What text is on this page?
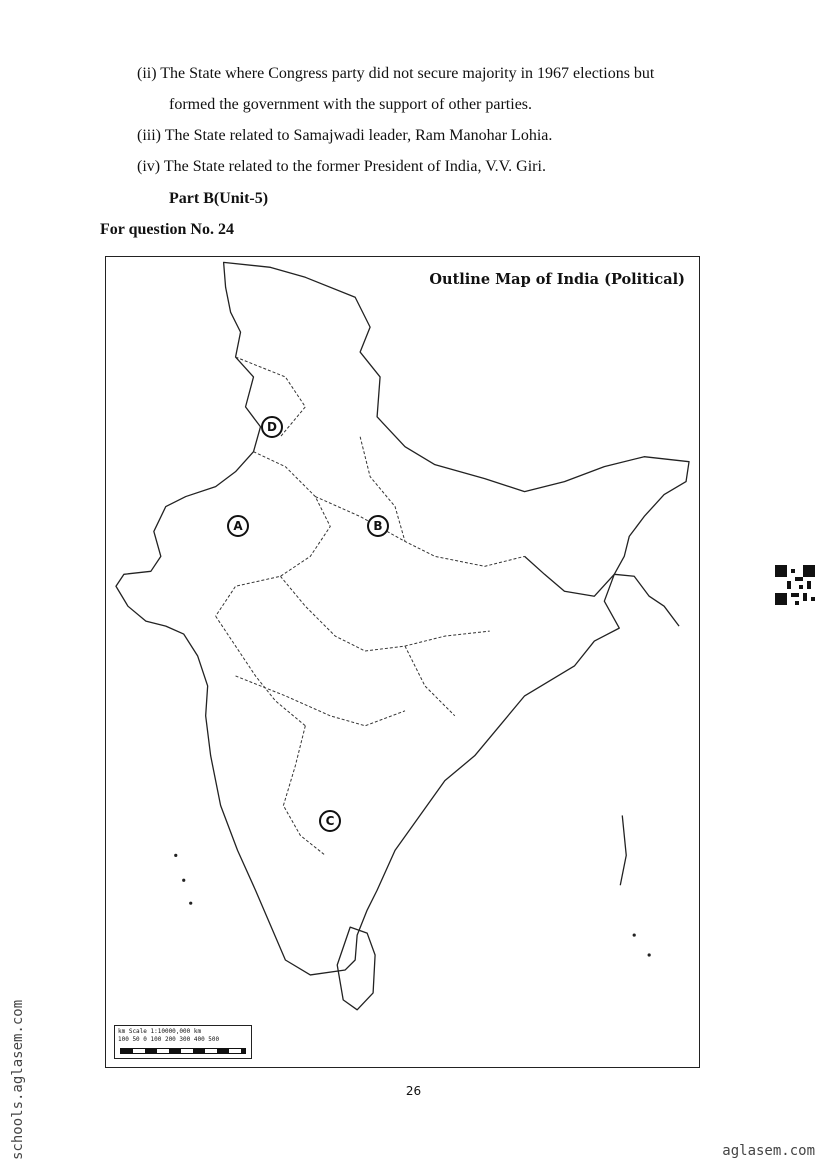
(ii) The State where Congress party did not secure majority in 1967 elections but
formed the government with the support of other parties.
(iii) The State related to Samajwadi leader, Ram Manohar Lohia.
(iv) The State related to the former President of India, V.V. Giri.
Part B(Unit-5)
For question No. 24
Outline Map of India (Political)
A	B
C
D
km Scale 1:10000,000 km
100 50 0 100 200 300 400 500
26
schools.aglasem.com	aglasem.com
